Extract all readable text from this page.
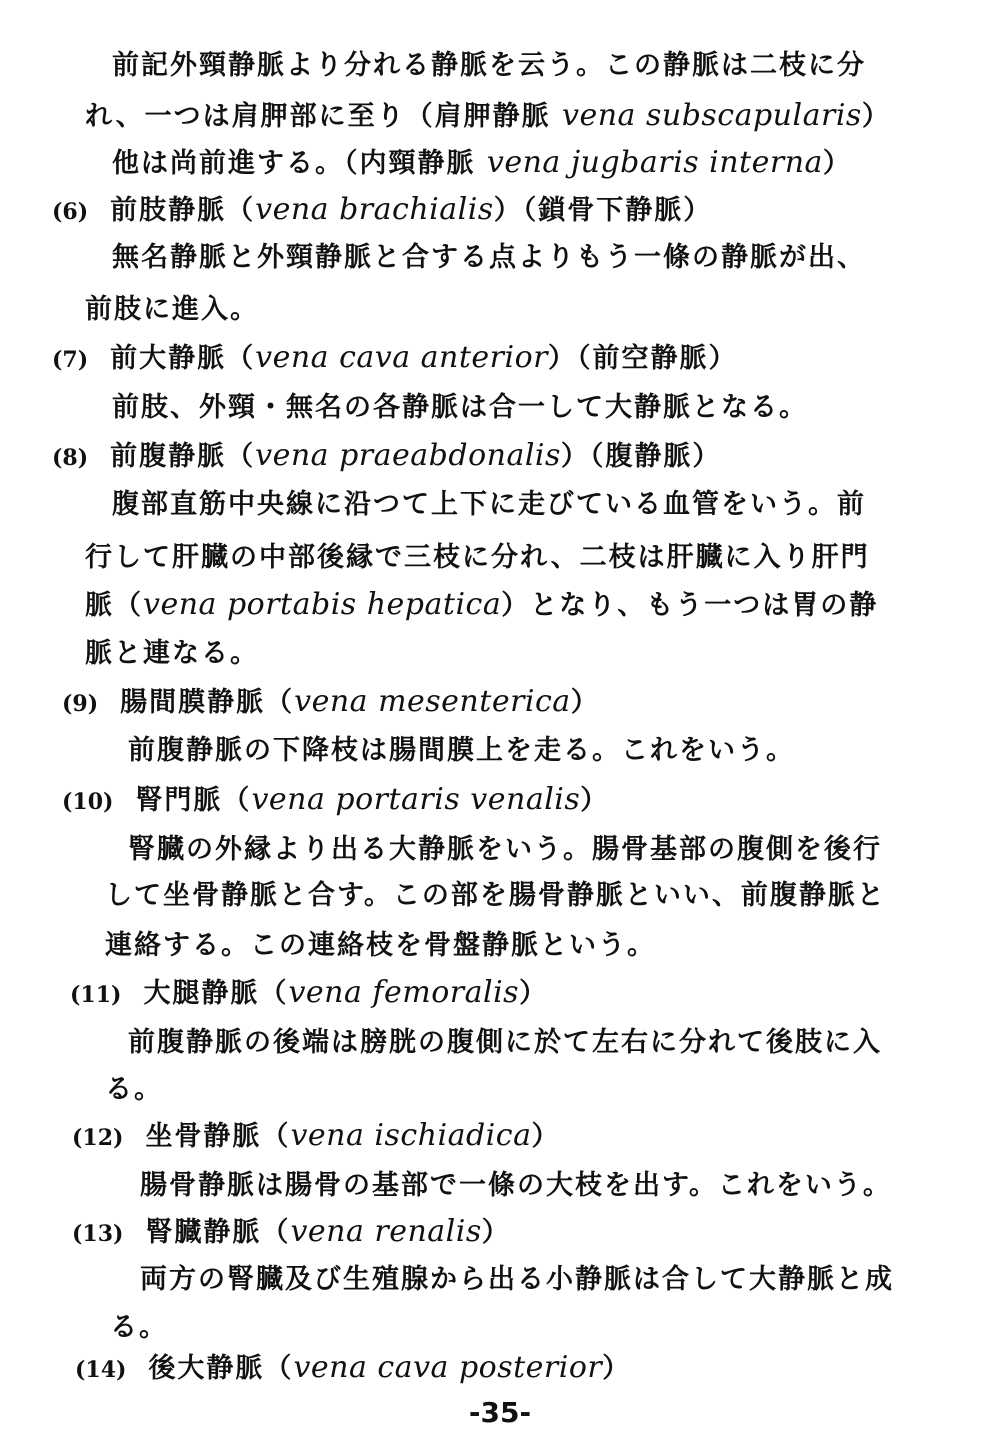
前記外頸静脈より分れる静脈を云う。この静脈は二枝に分
れ、一つは肩胛部に至り（肩胛静脈 vena subscapularis）
他は尚前進する。（内頸静脈 vena jugbaris interna）
(6) 前肢静脈（vena brachialis）（鎖骨下静脈）
無名静脈と外頸静脈と合する点よりもう一條の静脈が出、
前肢に進入。
(7) 前大静脈（vena cava anterior）（前空静脈）
前肢、外頸・無名の各静脈は合一して大静脈となる。
(8) 前腹静脈（vena praeabdonalis）（腹静脈）
腹部直筋中央線に沿つて上下に走びている血管をいう。前
行して肝臓の中部後縁で三枝に分れ、二枝は肝臓に入り肝門
脈（vena portabis hepatica）となり、もう一つは胃の静
脈と連なる。
(9) 腸間膜静脈（vena mesenterica）
前腹静脈の下降枝は腸間膜上を走る。これをいう。
(10) 腎門脈（vena portaris venalis）
腎臓の外縁より出る大静脈をいう。腸骨基部の腹側を後行
して坐骨静脈と合す。この部を腸骨静脈といい、前腹静脈と
連絡する。この連絡枝を骨盤静脈という。
(11) 大腿静脈（vena femoralis）
前腹静脈の後端は膀胱の腹側に於て左右に分れて後肢に入
る。
(12) 坐骨静脈（vena ischiadica）
腸骨静脈は腸骨の基部で一條の大枝を出す。これをいう。
(13) 腎臓静脈（vena renalis）
両方の腎臓及び生殖腺から出る小静脈は合して大静脈と成
る。
(14) 後大静脈（vena cava posterior）
-35-
